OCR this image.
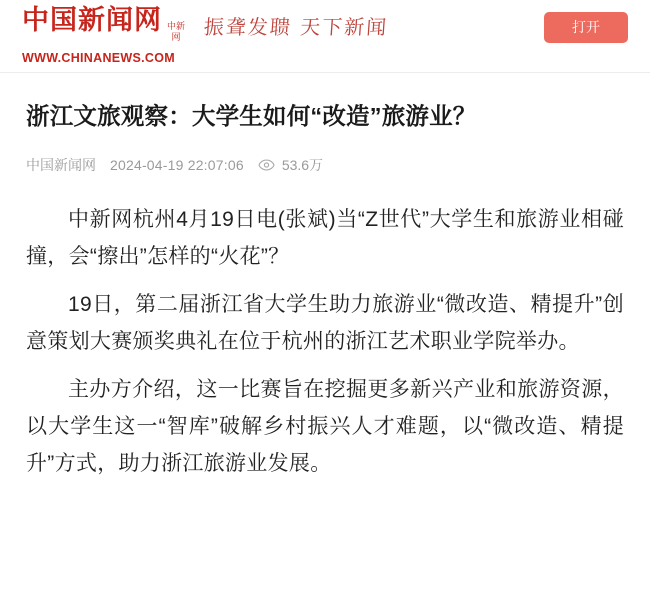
中国新闻网 中新网
WWW.CHINANEWS.COM
振聋发聩 天下新闻	打开
浙江文旅观察：大学生如何“改造”旅游业？
中国新闻网 2024-04-19 22:07:06	53.6万

中新网杭州4月19日电(张斌)当“Z世代”大学生和旅游业相碰撞，会“擦出”怎样的“火花”？

19日，第二届浙江省大学生助力旅游业“微改造、精提升”创意策划大赛颁奖典礼在位于杭州的浙江艺术职业学院举办。

主办方介绍，这一比赛旨在挖掘更多新兴产业和旅游资源，以大学生这一“智库”破解乡村振兴人才难题，以“微改造、精提升”方式，助力浙江旅游业发展。
